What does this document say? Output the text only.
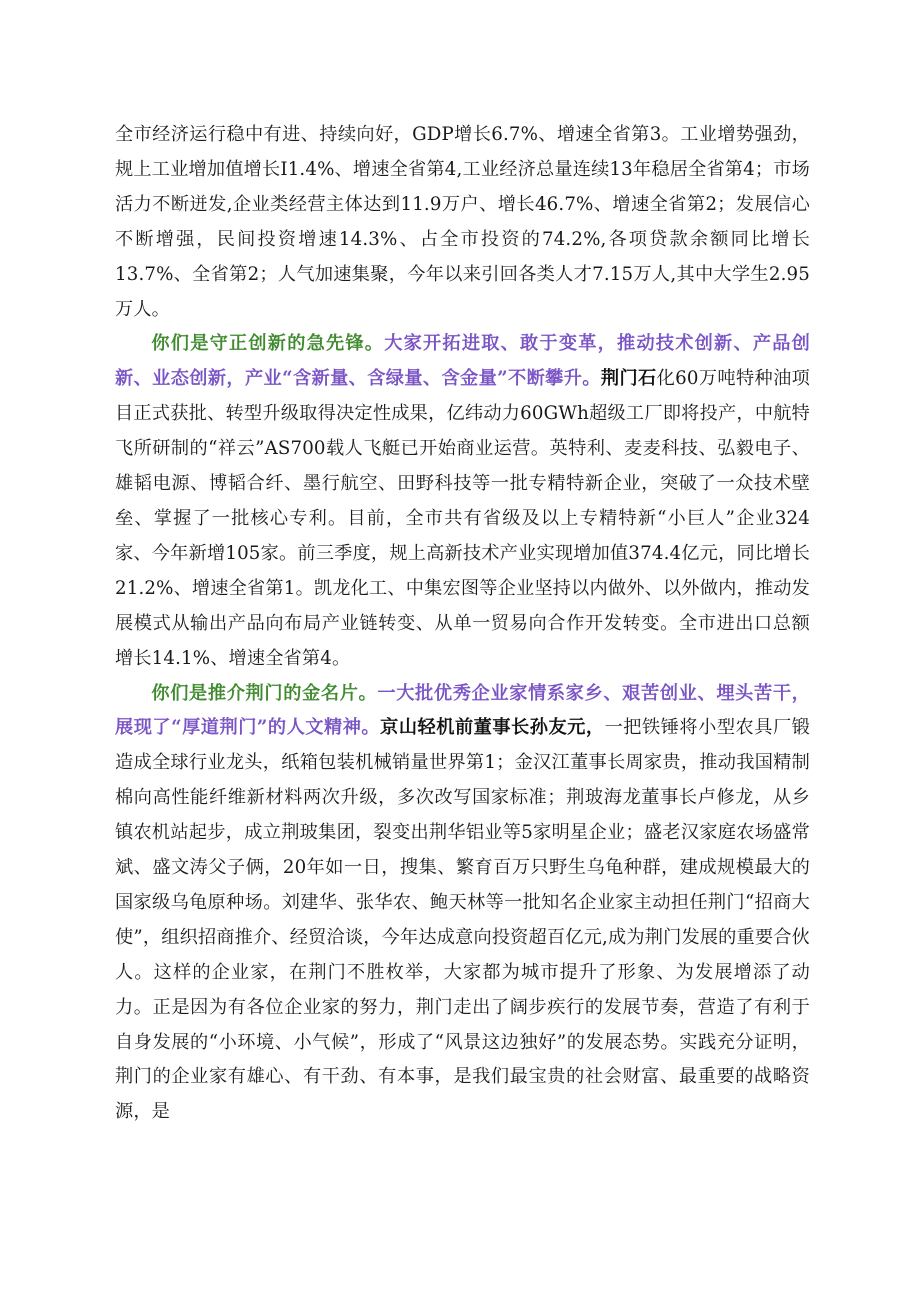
全市经济运行稳中有进、持续向好，GDP增长6.7%、增速全省第3。工业增势强劲，规上工业增加值增长I1.4%、增速全省第4,工业经济总量连续13年稳居全省第4；市场活力不断迸发,企业类经营主体达到11.9万户、增长46.7%、增速全省第2；发展信心不断增强，民间投资增速14.3%、占全市投资的74.2%,各项贷款余额同比增长13.7%、全省第2；人气加速集聚，今年以来引回各类人才7.15万人,其中大学生2.95万人。

你们是守正创新的急先锋。大家开拓进取、敢于变革，推动技术创新、产品创新、业态创新，产业“含新量、含绿量、含金量”不断攀升。荆门石化60万吨特种油项目正式获批、转型升级取得决定性成果，亿纬动力60GWh超级工厂即将投产，中航特飞所研制的“祥云”AS700载人飞艇已开始商业运营。英特利、麦麦科技、弘毅电子、雄韬电源、博韬合纤、墨行航空、田野科技等一批专精特新企业，突破了一众技术壁垒、掌握了一批核心专利。目前，全市共有省级及以上专精特新“小巨人”企业324家、今年新增105家。前三季度，规上高新技术产业实现增加值374.4亿元，同比增长21.2%、增速全省第1。凯龙化工、中集宏图等企业坚持以内做外、以外做内，推动发展模式从输出产品向布局产业链转变、从单一贸易向合作开发转变。全市进出口总额增长14.1%、增速全省第4。

你们是推介荆门的金名片。一大批优秀企业家情系家乡、艰苦创业、埋头苦干，展现了“厚道荆门”的人文精神。京山轻机前董事长孙友元，一把铁锤将小型农具厂锻造成全球行业龙头，纸箱包装机械销量世界第1；金汉江董事长周家贵，推动我国精制棉向高性能纤维新材料两次升级，多次改写国家标准；荆玻海龙董事长卢修龙，从乡镇农机站起步，成立荆玻集团，裂变出荆华铝业等5家明星企业；盛老汉家庭农场盛常斌、盛文涛父子俩，20年如一日，搜集、繁育百万只野生乌龟种群，建成规模最大的国家级乌龟原种场。刘建华、张华农、鲍天林等一批知名企业家主动担任荆门“招商大使”，组织招商推介、经贸洽谈，今年达成意向投资超百亿元,成为荆门发展的重要合伙人。这样的企业家，在荆门不胜枚举，大家都为城市提升了形象、为发展增添了动力。正是因为有各位企业家的努力，荆门走出了阔步疾行的发展节奏，营造了有利于自身发展的“小环境、小气候”，形成了“风景这边独好”的发展态势。实践充分证明，荆门的企业家有雄心、有干劲、有本事，是我们最宝贵的社会财富、最重要的战略资源，是
